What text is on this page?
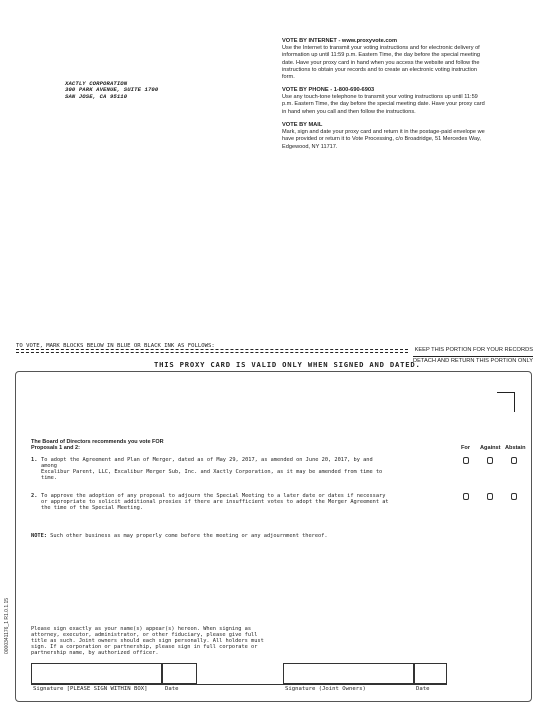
XACTLY CORPORATION
300 PARK AVENUE, SUITE 1700
SAN JOSE, CA 95110
VOTE BY INTERNET - www.proxyvote.com
Use the Internet to transmit your voting instructions and for electronic delivery of
information up until 11:59 p.m. Eastern Time, the day before the special meeting
date. Have your proxy card in hand when you access the website and follow the
instructions to obtain your records and to create an electronic voting instruction
form.
VOTE BY PHONE - 1-800-690-6903
Use any touch-tone telephone to transmit your voting instructions up until 11:59
p.m. Eastern Time, the day before the special meeting date. Have your proxy card
in hand when you call and then follow the instructions.
VOTE BY MAIL
Mark, sign and date your proxy card and return it in the postage-paid envelope we
have provided or return it to Vote Processing, c/o Broadridge, 51 Mercedes Way,
Edgewood, NY 11717.
TO VOTE, MARK BLOCKS BELOW IN BLUE OR BLACK INK AS FOLLOWS:
KEEP THIS PORTION FOR YOUR RECORDS
DETACH AND RETURN THIS PORTION ONLY
THIS PROXY CARD IS VALID ONLY WHEN SIGNED AND DATED.
The Board of Directors recommends you vote FOR
Proposals 1 and 2:	For Against Abstain
1. To adopt the Agreement and Plan of Merger, dated as of May 29, 2017, as amended on June 20, 2017, by and among
Excalibur Parent, LLC, Excalibur Merger Sub, Inc. and Xactly Corporation, as it may be amended from time to
time.
2. To approve the adoption of any proposal to adjourn the Special Meeting to a later date or dates if necessary
or appropriate to solicit additional proxies if there are insufficient votes to adopt the Merger Agreement at
the time of the Special Meeting.
NOTE: Such other business as may properly come before the meeting or any adjournment thereof.
Please sign exactly as your name(s) appear(s) hereon. When signing as
attorney, executor, administrator, or other fiduciary, please give full
title as such. Joint owners should each sign personally. All holders must
sign. If a corporation or partnership, please sign in full corporate or
partnership name, by authorized officer.
Signature [PLEASE SIGN WITHIN BOX]	Date	Signature (Joint Owners)	Date
0000341176_1 R1.0.1.15
